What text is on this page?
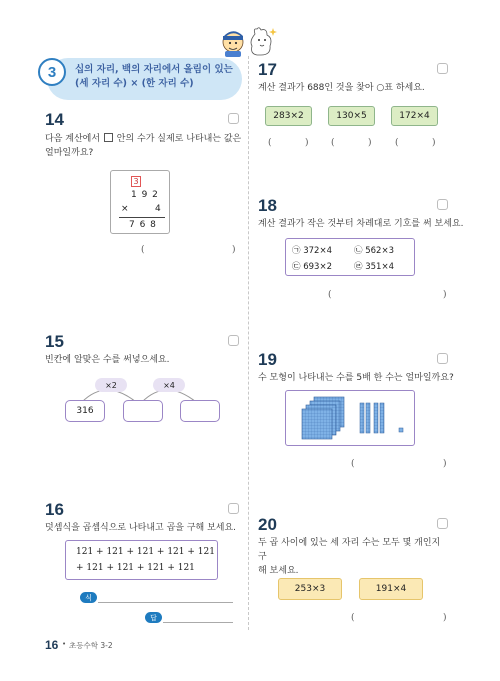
3	십의 자리, 백의 자리에서 올림이 있는
(세 자리 수) × (한 자리 수)
14
다음 계산에서 안의 수가 실제로 나타내는 값은
얼마일까요?
3
1 9 2
×	4
7 6 8
(	)
15
빈칸에 알맞은 수를 써넣으세요.
×2	×4
316
16
덧셈식을 곱셈식으로 나타내고 곱을 구해 보세요.
121 + 121 + 121 + 121 + 121
+ 121 + 121 + 121 + 121
식
답
17
계산 결과가 688인 것을 찾아 ○표 하세요.
283×2	130×5	172×4
(	) (	)	(	)
18
계산 결과가 작은 것부터 차례대로 기호를 써 보세요.
㉠ 372×4	㉡ 562×3
㉢ 693×2	㉣ 351×4
(	)
19
수 모형이 나타내는 수를 5배 한 수는 얼마일까요?
(	)
20
두 곱 사이에 있는 세 자리 수는 모두 몇 개인지 구
해 보세요.
253×3	191×4
(	)
16 • 초등수학 3-2
